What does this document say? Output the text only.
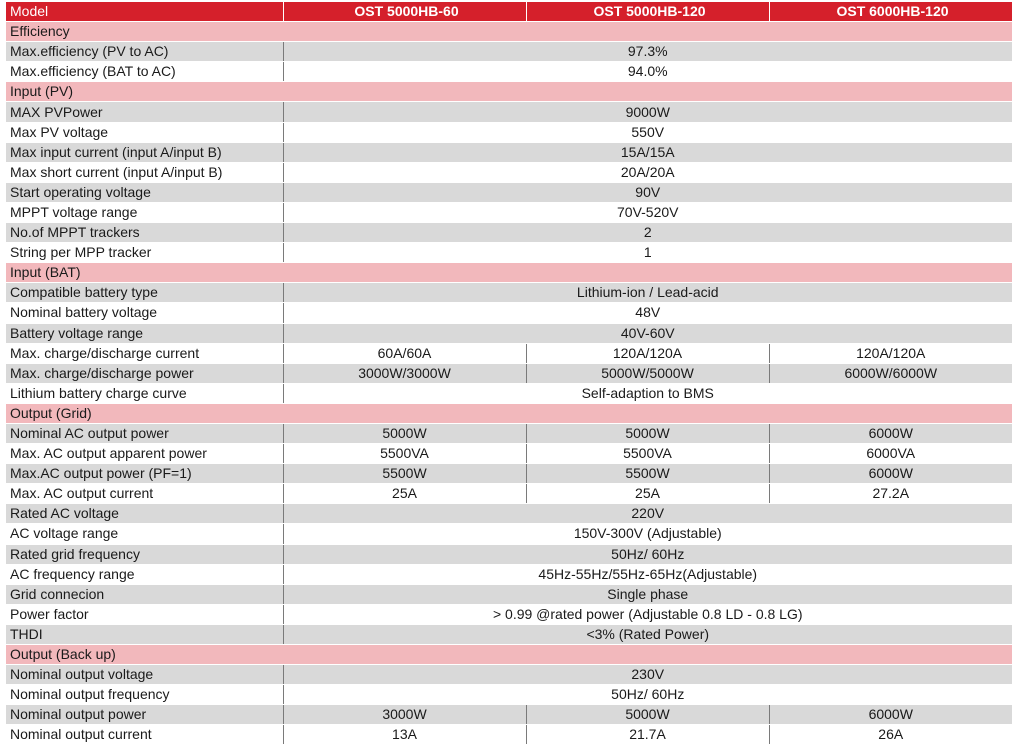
Model	OST 5000HB-60	OST 5000HB-120	OST 6000HB-120
Efficiency			
Max.efficiency (PV to AC)	97.3%		
Max.efficiency (BAT to AC)	94.0%		
Input (PV)			
MAX PVPower	9000W		
Max PV voltage	550V		
Max input current (input A/input B)	15A/15A		
Max short current (input A/input B)	20A/20A		
Start operating voltage	90V		
MPPT voltage range	70V-520V		
No.of MPPT trackers	2		
String per MPP tracker	1		
Input (BAT)			
Compatible battery type	Lithium-ion / Lead-acid		
Nominal battery voltage	48V		
Battery voltage range	40V-60V		
Max. charge/discharge current	60A/60A	120A/120A	120A/120A
Max. charge/discharge power	3000W/3000W	5000W/5000W	6000W/6000W
Lithium battery charge curve	Self-adaption to BMS		
Output (Grid)			
Nominal AC output power	5000W	5000W	6000W
Max. AC output apparent power	5500VA	5500VA	6000VA
Max.AC output power (PF=1)	5500W	5500W	6000W
Max. AC output current	25A	25A	27.2A
Rated AC voltage	220V		
AC voltage range	150V-300V (Adjustable)		
Rated grid frequency	50Hz/ 60Hz		
AC frequency range	45Hz-55Hz/55Hz-65Hz(Adjustable)		
Grid connecion	Single phase		
Power factor	> 0.99 @rated power (Adjustable 0.8 LD - 0.8 LG)		
THDI	<3% (Rated Power)		
Output (Back up)			
Nominal output voltage	230V		
Nominal output frequency	50Hz/ 60Hz		
Nominal output power	3000W	5000W	6000W
Nominal output current	13A	21.7A	26A
